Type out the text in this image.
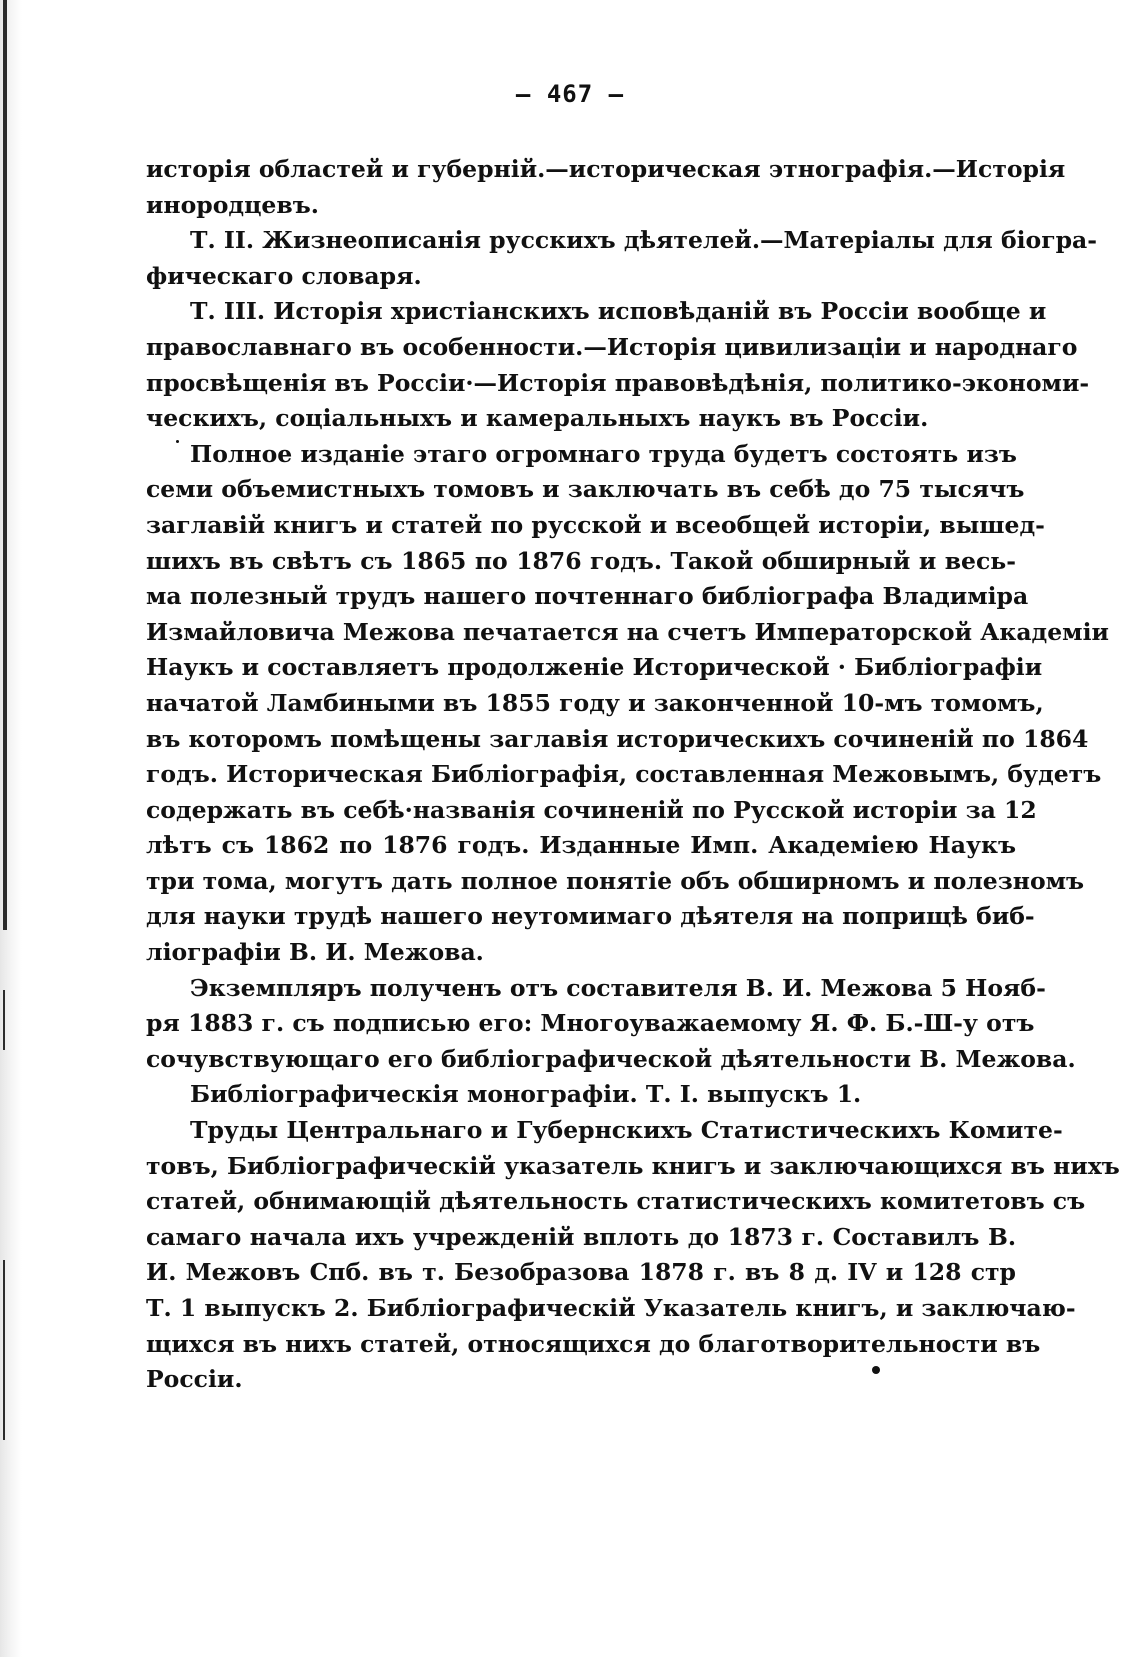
— 467 —
исторія областей и губерній.—историческая этнографія.—Исторія
инородцевъ.
Т. II. Жизнеописанія русскихъ дѣятелей.—Матеріалы для біогра-
фическаго словаря.
Т. III. Исторія христіанскихъ исповѣданій въ Россіи вообще и
православнаго въ особенности.—Исторія цивилизаціи и народнаго
просвѣщенія въ Россіи·—Исторія правовѣдѣнія, политико-экономи-
ческихъ, соціальныхъ и камеральныхъ наукъ въ Россіи.
Полное изданіе этаго огромнаго труда будетъ состоять изъ
семи объемистныхъ томовъ и заключать въ себѣ до 75 тысячъ
заглавій книгъ и статей по русской и всеобщей исторіи, вышед-
шихъ въ свѣтъ съ 1865 по 1876 годъ. Такой обширный и весь-
ма полезный трудъ нашего почтеннаго библіографа Владиміра
Измайловича Межова печатается на счетъ Императорской Академіи
Наукъ и составляетъ продолженіе Исторической · Библіографіи
начатой Ламбиными въ 1855 году и законченной 10-мъ томомъ,
въ которомъ помѣщены заглавія историческихъ сочиненій по 1864
годъ. Историческая Библіографія, составленная Межовымъ, будетъ
содержать въ себѣ·названія сочиненій по Русской исторіи за 12
лѣтъ съ 1862 по 1876 годъ. Изданные Имп. Академіею Наукъ
три тома, могутъ дать полное понятіе объ обширномъ и полезномъ
для науки трудѣ нашего неутомимаго дѣятеля на поприщѣ биб-
ліографіи В. И. Межова.
Экземпляръ полученъ отъ составителя В. И. Межова 5 Нояб-
ря 1883 г. съ подписью его: Многоуважаемому Я. Ф. Б.-Ш-у отъ
сочувствующаго его библіографической дѣятельности В. Межова.
Библіографическія монографіи. Т. I. выпускъ 1.
Труды Центральнаго и Губернскихъ Статистическихъ Комите-
товъ, Библіографическій указатель книгъ и заключающихся въ нихъ
статей, обнимающій дѣятельность статистическихъ комитетовъ съ
самаго начала ихъ учрежденій вплоть до 1873 г. Составилъ В.
И. Межовъ Спб. въ т. Безобразова 1878 г. въ 8 д. IV и 128 стр
Т. 1 выпускъ 2. Библіографическій Указатель книгъ, и заключаю-
щихся въ нихъ статей, относящихся до благотворительности въ
Россіи.
